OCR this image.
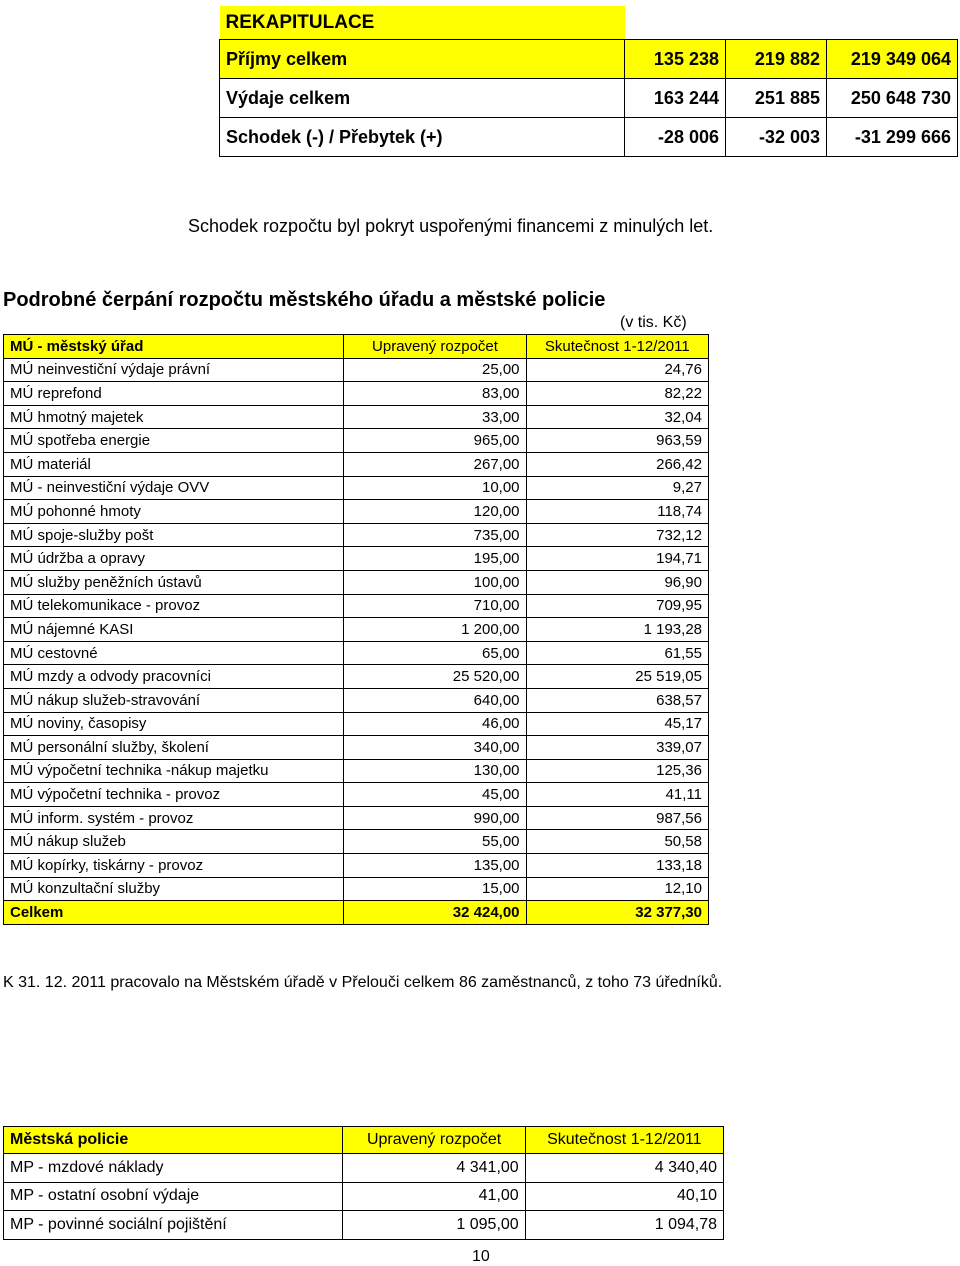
REKAPITULACE			
Příjmy celkem	135 238	219 882	219 349 064
Výdaje celkem	163 244	251 885	250 648 730
Schodek (-) / Přebytek (+)	-28 006	-32 003	-31 299 666
Schodek rozpočtu byl pokryt uspořenými financemi z minulých let.
Podrobné čerpání rozpočtu městského úřadu a městské policie
(v tis. Kč)
MÚ - městský úřad	Upravený rozpočet	Skutečnost 1-12/2011
MÚ neinvestiční výdaje právní	25,00	24,76
MÚ reprefond	83,00	82,22
MÚ hmotný majetek	33,00	32,04
MÚ spotřeba energie	965,00	963,59
MÚ materiál	267,00	266,42
MÚ - neinvestiční výdaje OVV	10,00	9,27
MÚ pohonné hmoty	120,00	118,74
MÚ spoje-služby pošt	735,00	732,12
MÚ údržba a opravy	195,00	194,71
MÚ služby peněžních ústavů	100,00	96,90
MÚ telekomunikace - provoz	710,00	709,95
MÚ nájemné KASI	1 200,00	1 193,28
MÚ cestovné	65,00	61,55
MÚ mzdy a odvody pracovníci	25 520,00	25 519,05
MÚ nákup služeb-stravování	640,00	638,57
MÚ noviny, časopisy	46,00	45,17
MÚ personální služby, školení	340,00	339,07
MÚ výpočetní technika -nákup majetku	130,00	125,36
MÚ výpočetní technika - provoz	45,00	41,11
MÚ inform. systém - provoz	990,00	987,56
MÚ nákup služeb	55,00	50,58
MÚ kopírky, tiskárny - provoz	135,00	133,18
MÚ konzultační služby	15,00	12,10
Celkem	32 424,00	32 377,30
K 31. 12. 2011 pracovalo na Městském úřadě v Přelouči celkem 86 zaměstnanců, z toho 73 úředníků.
Městská policie	Upravený rozpočet	Skutečnost 1-12/2011
MP - mzdové náklady	4 341,00	4 340,40
MP - ostatní osobní výdaje	41,00	40,10
MP - povinné sociální pojištění	1 095,00	1 094,78
10
